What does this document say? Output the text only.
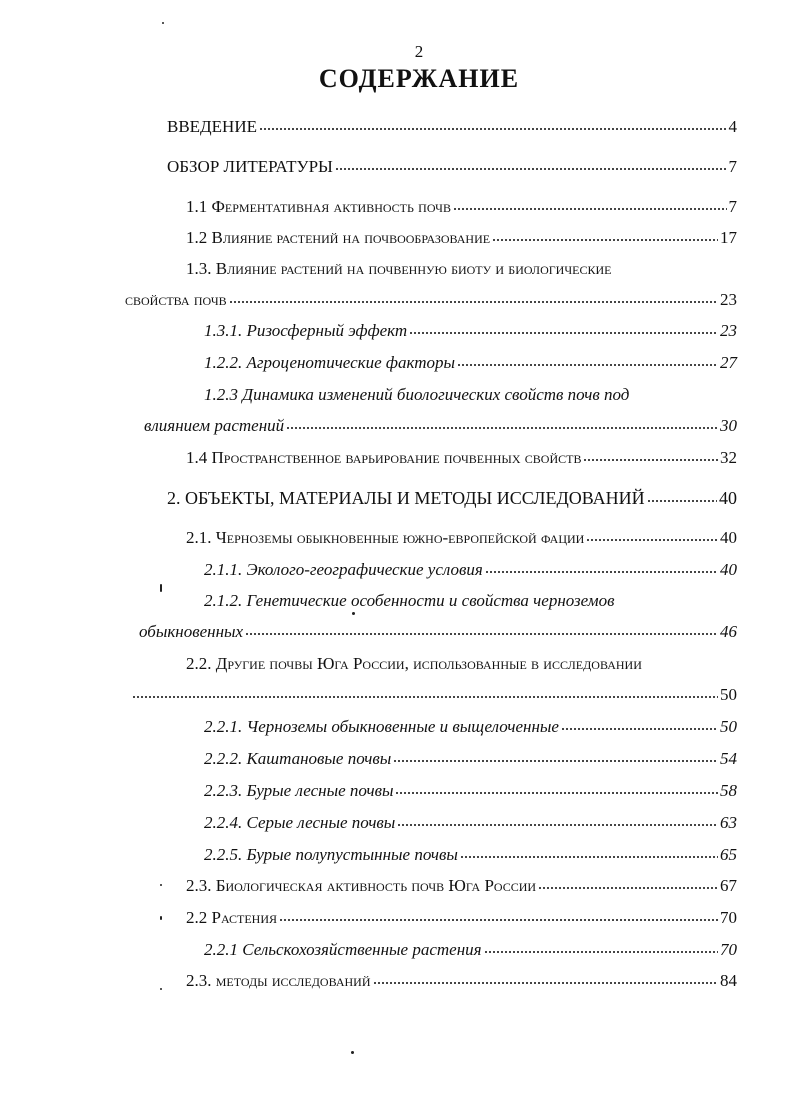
2
СОДЕРЖАНИЕ
ВВЕДЕНИЕ	4
ОБЗОР ЛИТЕРАТУРЫ	7
1.1 Ферментативная активность почв	7
1.2 Влияние растений на почвообразование	17
1.3. Влияние растений на почвенную биоту и биологические
свойства почв	23
1.3.1. Ризосферный эффект	23
1.2.2. Агроценотические факторы	27
1.2.3 Динамика изменений биологических свойств почв под
влиянием растений	30
1.4 Пространственное варьирование почвенных свойств	32
2. ОБЪЕКТЫ, МАТЕРИАЛЫ И МЕТОДЫ ИССЛЕДОВАНИЙ	40
2.1. Черноземы обыкновенные южно-европейской фации	40
2.1.1. Эколого-географические условия	40
2.1.2. Генетические особенности и свойства черноземов
обыкновенных	46
2.2. Другие почвы Юга России, использованные в исследовании
50
2.2.1. Черноземы обыкновенные и выщелоченные	50
2.2.2. Каштановые почвы	54
2.2.3. Бурые лесные почвы	58
2.2.4. Серые лесные почвы	63
2.2.5. Бурые полупустынные почвы	65
2.3. Биологическая активность почв Юга России	67
2.2 Растения	70
2.2.1 Сельскохозяйственные растения	70
2.3. методы исследований	84
